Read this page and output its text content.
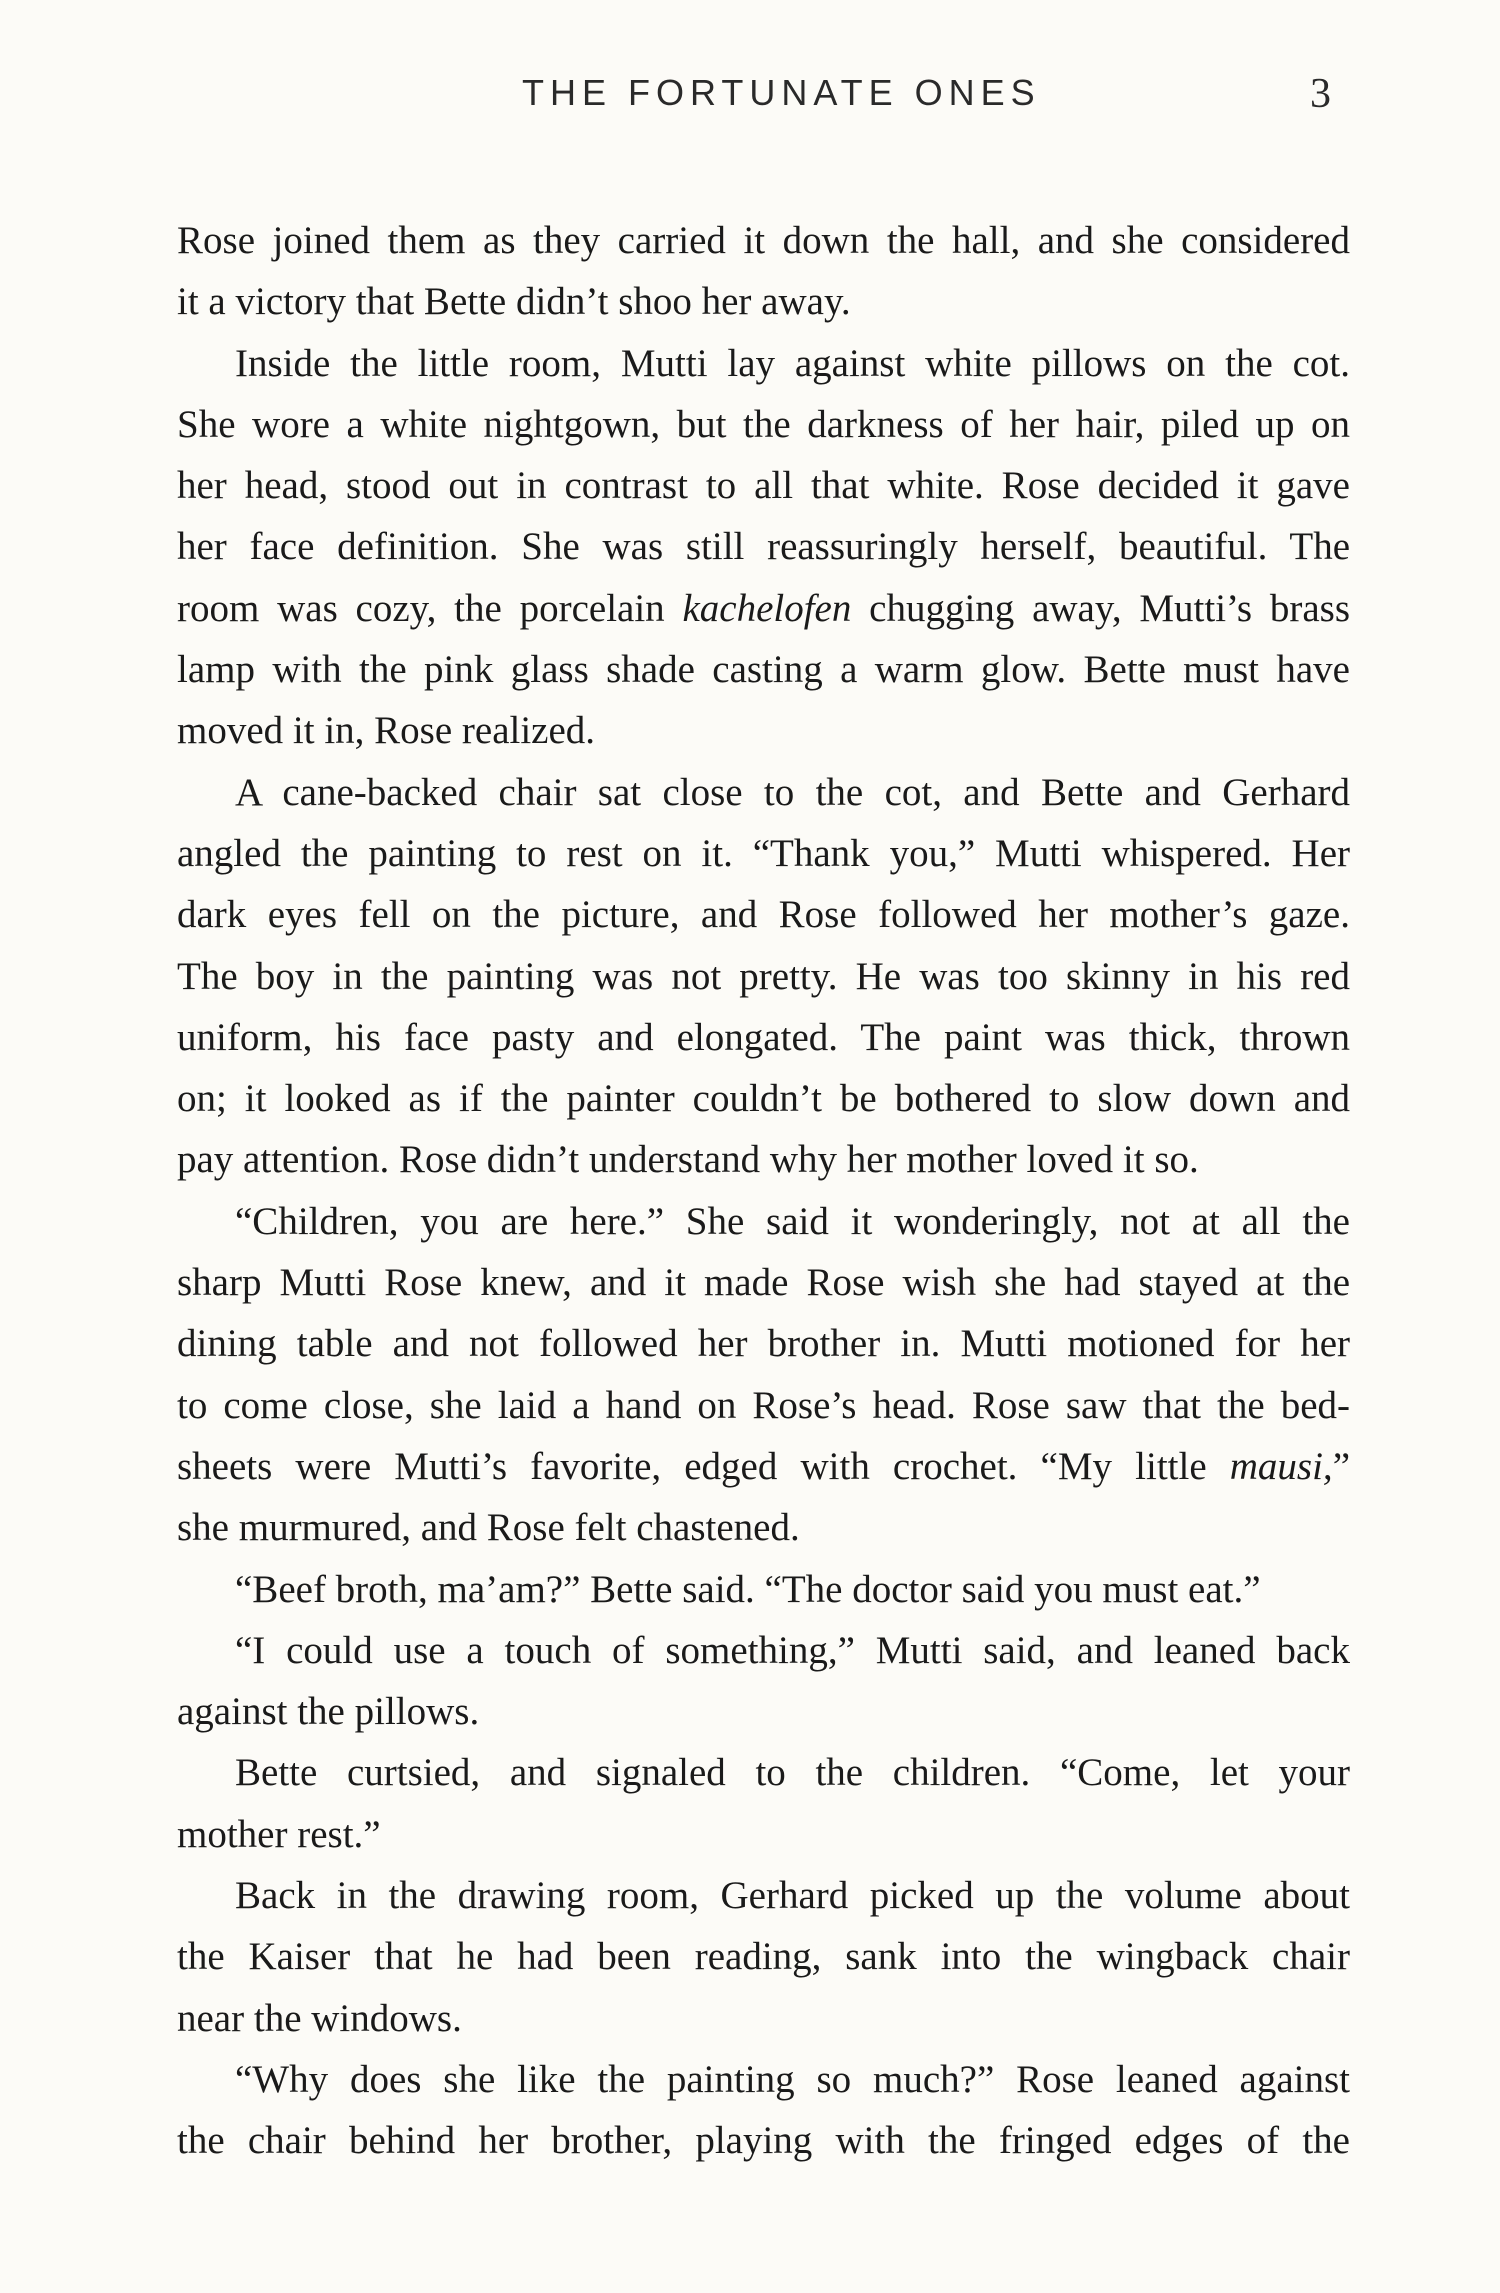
THE FORTUNATE ONES	3
Rose joined them as they carried it down the hall, and she considered
it a victory that Bette didn’t shoo her away.
Inside the little room, Mutti lay against white pillows on the cot.
She wore a white nightgown, but the darkness of her hair, piled up on
her head, stood out in contrast to all that white. Rose decided it gave
her face definition. She was still reassuringly herself, beautiful. The
room was cozy, the porcelain kachelofen chugging away, Mutti’s brass
lamp with the pink glass shade casting a warm glow. Bette must have
moved it in, Rose realized.
A cane-backed chair sat close to the cot, and Bette and Gerhard
angled the painting to rest on it. “Thank you,” Mutti whispered. Her
dark eyes fell on the picture, and Rose followed her mother’s gaze.
The boy in the painting was not pretty. He was too skinny in his red
uniform, his face pasty and elongated. The paint was thick, thrown
on; it looked as if the painter couldn’t be bothered to slow down and
pay attention. Rose didn’t understand why her mother loved it so.
“Children, you are here.” She said it wonderingly, not at all the
sharp Mutti Rose knew, and it made Rose wish she had stayed at the
dining table and not followed her brother in. Mutti motioned for her
to come close, she laid a hand on Rose’s head. Rose saw that the bed-
sheets were Mutti’s favorite, edged with crochet. “My little mausi,”
she murmured, and Rose felt chastened.
“Beef broth, ma’am?” Bette said. “The doctor said you must eat.”
“I could use a touch of something,” Mutti said, and leaned back
against the pillows.
Bette curtsied, and signaled to the children. “Come, let your
mother rest.”
Back in the drawing room, Gerhard picked up the volume about
the Kaiser that he had been reading, sank into the wingback chair
near the windows.
“Why does she like the painting so much?” Rose leaned against
the chair behind her brother, playing with the fringed edges of the
